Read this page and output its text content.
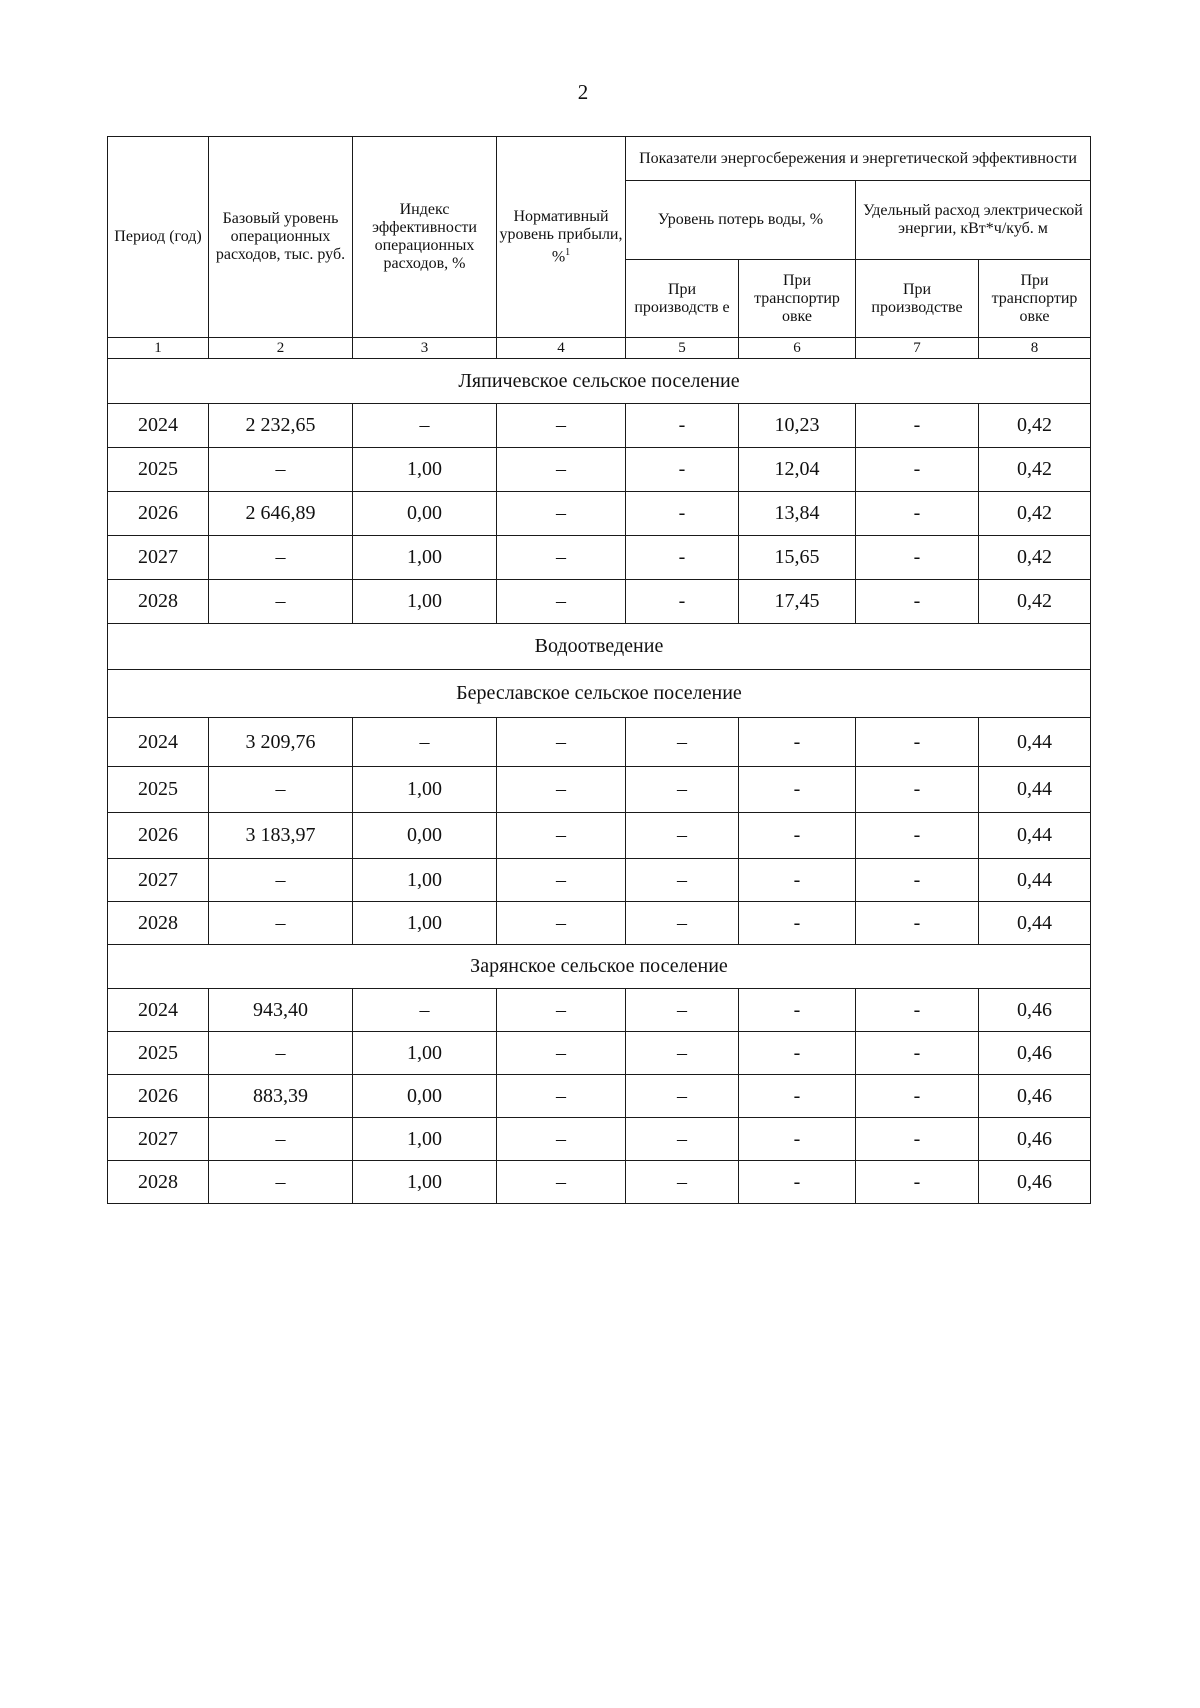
2
Период (год)	Базовый уровень операционных расходов, тыс. руб.	Индекс эффективности операционных расходов, %	Нормативный уровень прибыли, %$^1$	Показатели энергосбережения и энергетической эффективности			
				Уровень потерь воды, %		Удельный расход электрической энергии, кВт*ч/куб. м	
				При производств е	При транспортир овке	При производстве	При транспортир овке
1	2	3	4	5	6	7	8
Ляпичевское сельское поселение							
2024	2 232,65	–	–	-	10,23	-	0,42
2025	–	1,00	–	-	12,04	-	0,42
2026	2 646,89	0,00	–	-	13,84	-	0,42
2027	–	1,00	–	-	15,65	-	0,42
2028	–	1,00	–	-	17,45	-	0,42
Водоотведение							
Береславское сельское поселение							
2024	3 209,76	–	–	–	-	-	0,44
2025	–	1,00	–	–	-	-	0,44
2026	3 183,97	0,00	–	–	-	-	0,44
2027	–	1,00	–	–	-	-	0,44
2028	–	1,00	–	–	-	-	0,44
Зарянское сельское поселение							
2024	943,40	–	–	–	-	-	0,46
2025	–	1,00	–	–	-	-	0,46
2026	883,39	0,00	–	–	-	-	0,46
2027	–	1,00	–	–	-	-	0,46
2028	–	1,00	–	–	-	-	0,46
